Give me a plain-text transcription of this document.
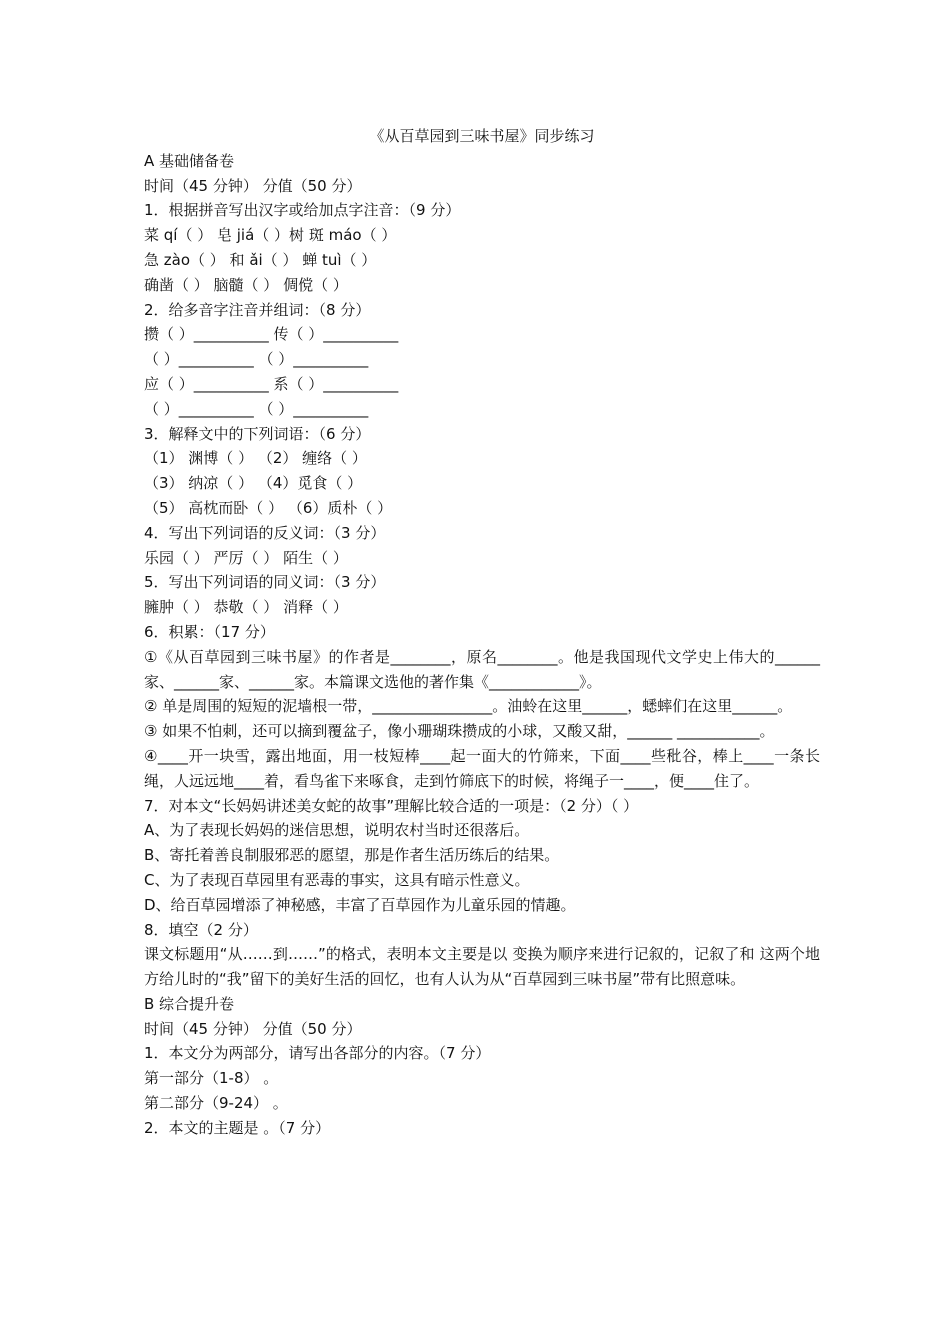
《从百草园到三味书屋》同步练习
A 基础储备卷
时间（45 分钟） 分值（50 分）
1．根据拼音写出汉字或给加点字注音：（9 分）
菜 qí（ ） 皂 jiá（ ）树 斑 máo（ ）
急 zào（ ） 和 ǎi（ ） 蝉 tuì（ ）
确凿（ ） 脑髓（ ） 倜傥（ ）
2．给多音字注音并组词：（8 分）
攒（ ）__________ 传（ ）__________
（ ）__________ （ ）__________
应（ ）__________ 系（ ）__________
（ ）__________ （ ）__________
3．解释文中的下列词语：（6 分）
（1） 渊博（ ） （2） 缠络（ ）
（3） 纳凉（ ） （4）觅食（ ）
（5） 高枕而卧（ ） （6）质朴（ ）
4．写出下列词语的反义词：（3 分）
乐园（ ） 严厉（ ） 陌生（ ）
5．写出下列词语的同义词：（3 分）
臃肿（ ） 恭敬（ ） 消释（ ）
6．积累：（17 分）
①《从百草园到三味书屋》的作者是________，原名________。他是我国现代文学史上伟大的______家、______家、______家。本篇课文选他的著作集《____________》。
② 单是周围的短短的泥墙根一带，________________。油蛉在这里______，蟋蟀们在这里______。
③ 如果不怕刺，还可以摘到覆盆子，像小珊瑚珠攒成的小球，又酸又甜，______ ___________。
④____开一块雪，露出地面，用一枝短棒____起一面大的竹筛来，下面____些秕谷，棒上____一条长绳，人远远地____着，看鸟雀下来啄食，走到竹筛底下的时候，将绳子一____，便____住了。
7．对本文“长妈妈讲述美女蛇的故事”理解比较合适的一项是：（2 分）（ ）
A、为了表现长妈妈的迷信思想，说明农村当时还很落后。
B、寄托着善良制服邪恶的愿望，那是作者生活历练后的结果。
C、为了表现百草园里有恶毒的事实，这具有暗示性意义。
D、给百草园增添了神秘感，丰富了百草园作为儿童乐园的情趣。
8．填空（2 分）
课文标题用“从……到……”的格式，表明本文主要是以 变换为顺序来进行记叙的，记叙了和 这两个地方给儿时的“我”留下的美好生活的回忆，也有人认为从“百草园到三味书屋”带有比照意味。
B 综合提升卷
时间（45 分钟） 分值（50 分）
1．本文分为两部分，请写出各部分的内容。（7 分）
第一部分（1-8） 。
第二部分（9-24） 。
2．本文的主题是 。（7 分）
